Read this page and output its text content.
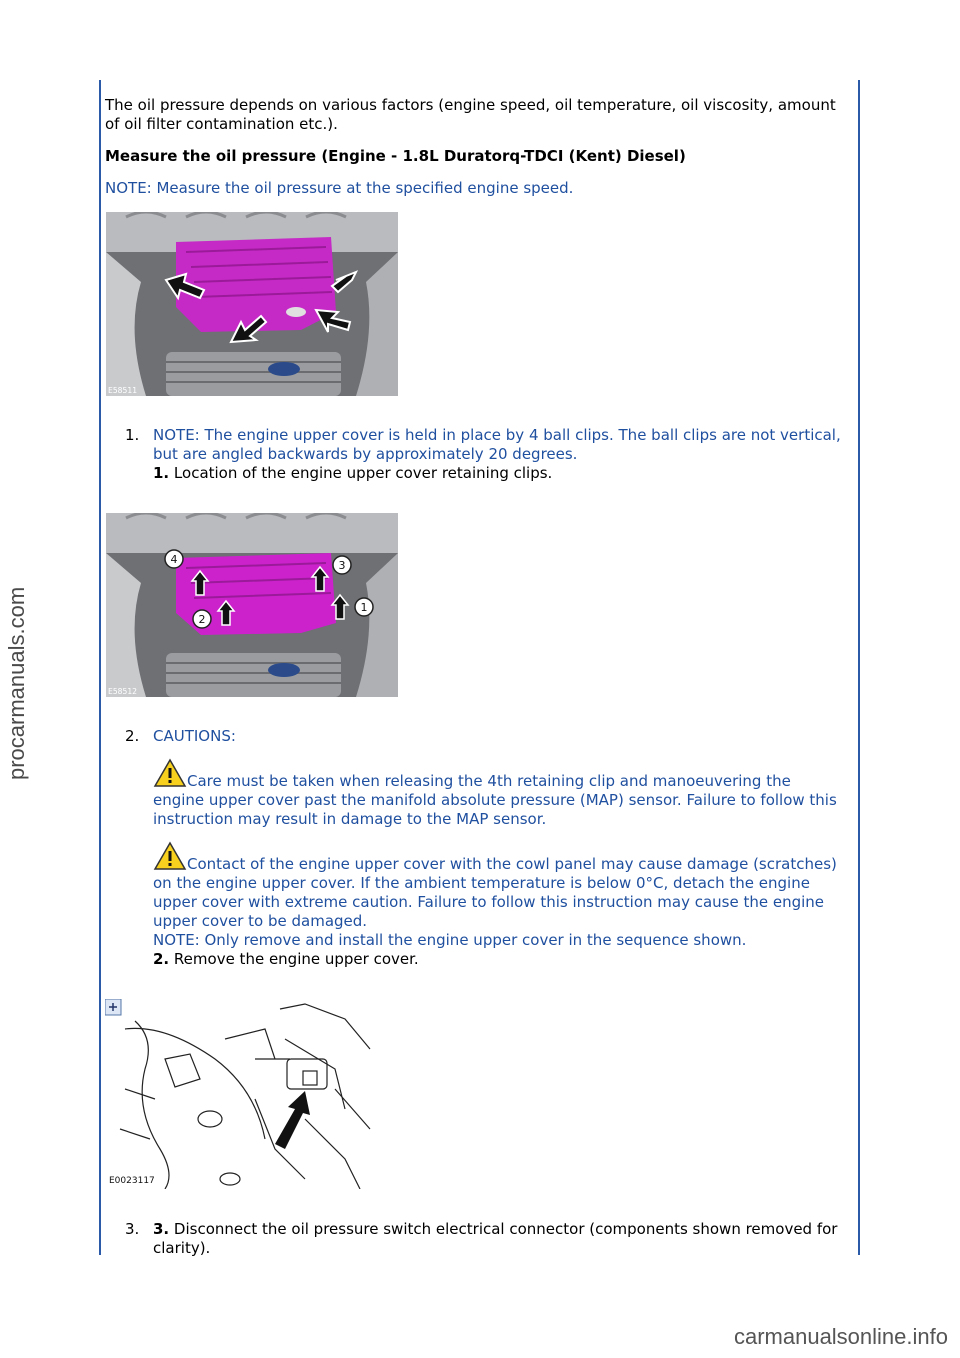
procarmanuals.com
carmanualsonline.info

The oil pressure depends on various factors (engine speed, oil temperature, oil viscosity, amount of oil filter contamination etc.).

Measure the oil pressure (Engine - 1.8L Duratorq-TDCI (Kent) Diesel)

NOTE: Measure the oil pressure at the specified engine speed.

E58511
1. NOTE: The engine upper cover is held in place by 4 ball clips. The ball clips are not vertical, but are angled backwards by approximately 20 degrees.

1. Location of the engine upper cover retaining clips.

4	3
2
1
E58512
2. CAUTIONS:

Care must be taken when releasing the 4th retaining clip and manoeuvering the engine upper cover past the manifold absolute pressure (MAP) sensor. Failure to follow this instruction may result in damage to the MAP sensor.

Contact of the engine upper cover with the cowl panel may cause damage (scratches) on the engine upper cover. If the ambient temperature is below 0°C, detach the engine upper cover with extreme caution. Failure to follow this instruction may cause the engine upper cover to be damaged.

NOTE: Only remove and install the engine upper cover in the sequence shown.

2. Remove the engine upper cover.

E0023117
3. 3. Disconnect the oil pressure switch electrical connector (components shown removed for clarity).
